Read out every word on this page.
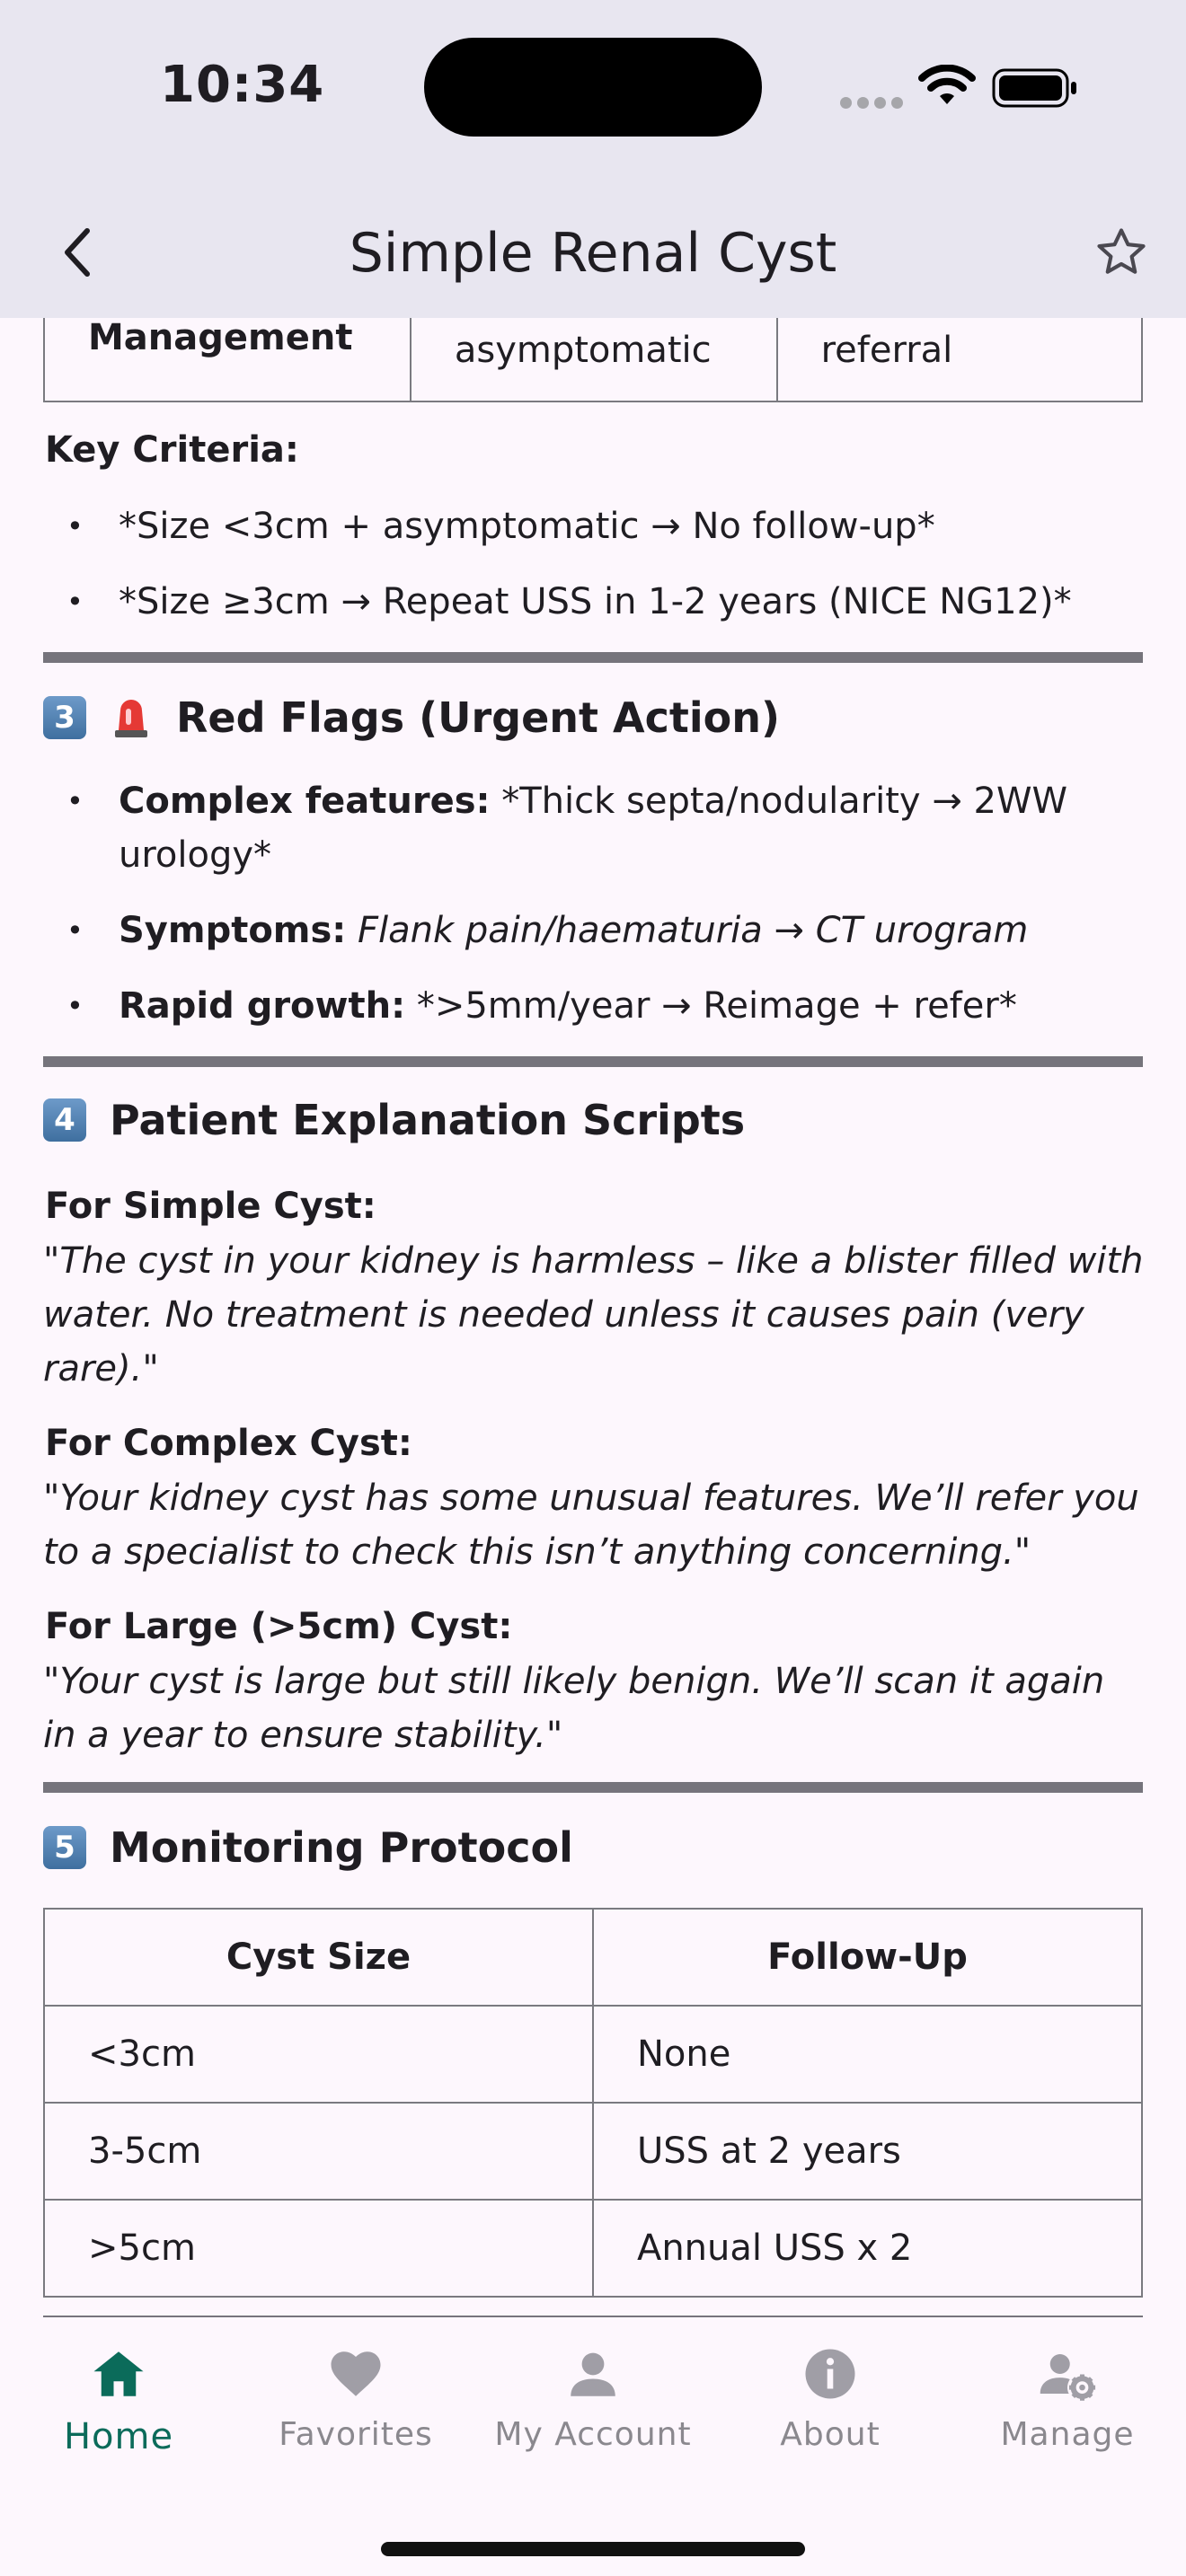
10:34
Simple Renal Cyst
Management	asymptomatic	referral
Key Criteria:
• *Size <3cm + asymptomatic → No follow-up*
• *Size ≥3cm → Repeat USS in 1-2 years (NICE NG12)*
3 Red Flags (Urgent Action)
• Complex features: *Thick septa/nodularity → 2WW urology*
• Symptoms: Flank pain/haematuria → CT urogram
• Rapid growth: *>5mm/year → Reimage + refer*
4 Patient Explanation Scripts
For Simple Cyst:
"The cyst in your kidney is harmless – like a blister filled with water. No treatment is needed unless it causes pain (very rare)."
For Complex Cyst:
"Your kidney cyst has some unusual features. We’ll refer you to a specialist to check this isn’t anything concerning."
For Large (>5cm) Cyst:
"Your cyst is large but still likely benign. We’ll scan it again in a year to ensure stability."
5 Monitoring Protocol
Cyst Size	Follow-Up
<3cm	None
3-5cm	USS at 2 years
>5cm	Annual USS x 2
Home	Favorites	My Account	About	Manage
